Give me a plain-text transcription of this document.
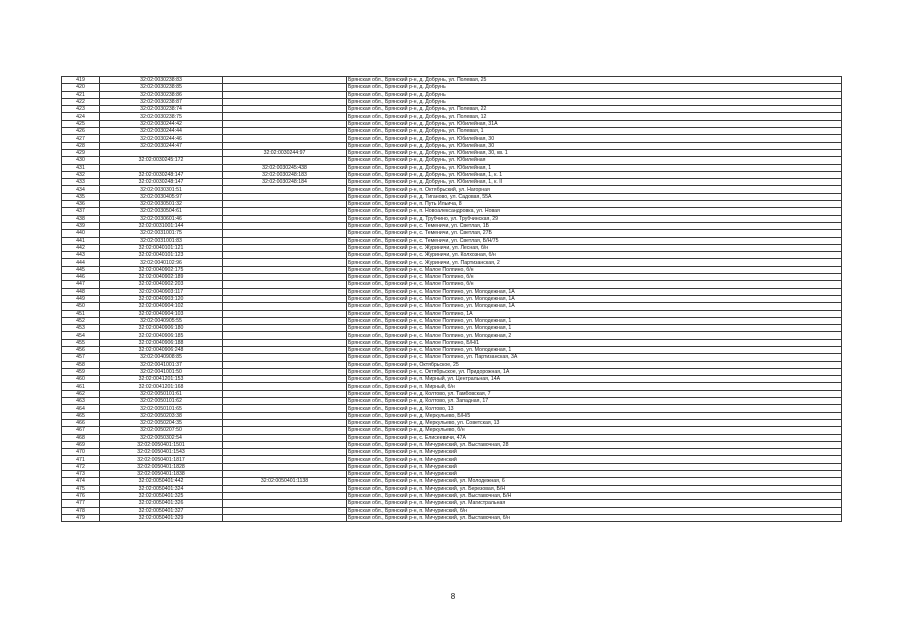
419	32:02:0030238:83		Брянская обл., Брянский р-н, д. Добрунь, ул. Полевая, 25
420	32:02:0030238:85		Брянская обл., Брянский р-н, д. Добрунь
421	32:02:0030238:86		Брянская обл., Брянский р-н, д. Добрунь
422	32:02:0030238:87		Брянская обл., Брянский р-н, д. Добрунь
423	32:02:0030238:74		Брянская обл., Брянский р-н, д. Добрунь, ул. Полевая, 22
424	32:02:0030238:75		Брянская обл., Брянский р-н, д. Добрунь, ул. Полевая, 12
425	32:02:0030244:42		Брянская обл., Брянский р-н, д. Добрунь, ул. Юбилейная, 31А
426	32:02:0030244:44		Брянская обл., Брянский р-н, д. Добрунь, ул. Полевая, 1
427	32:02:0030244:46		Брянская обл., Брянский р-н, д. Добрунь, ул. Юбилейная, 30
428	32:02:0030244:47		Брянская обл., Брянский р-н, д. Добрунь, ул. Юбилейная, 30
429		32:02:0030244:97	Брянская обл., Брянский р-н, д. Добрунь, ул. Юбилейная, 30, кв. 1
430	32:02:0030245:172		Брянская обл., Брянский р-н, д. Добрунь, ул. Юбилейная
431		32:02:0030245:438	Брянская обл., Брянский р-н, д. Добрунь, ул. Юбилейная, 1
432	32:02:0030248:147	32:02:0030248:183	Брянская обл., Брянский р-н, д. Добрунь, ул. Юбилейная, 1, к. 1
433	32:02:0030248:147	32:02:0030248:184	Брянская обл., Брянский р-н, д. Добрунь, ул. Юбилейная, 1, к. II
434	32:02:0030301:51		Брянская обл., Брянский р-н, п. Октябрьский, ул. Нагорная
435	32:02:0030405:97		Брянская обл., Брянский р-н, д. Тиганово, ул. Садовая, 55А
436	32:02:0030501:32		Брянская обл., Брянский р-н, п. Путь Ильича, 8
437	32:02:0030504:61		Брянская обл., Брянский р-н, п. Новоалександровка, ул. Новая
438	32:02:0030601:46		Брянская обл., Брянский р-н, д. Трубчино, ул. Трубчинская, 29
439	32:02:0031001:144		Брянская обл., Брянский р-н, с. Теменичи, ул. Светлая, 1Б
440	32:02:0031001:75		Брянская обл., Брянский р-н, с. Теменичи, ул. Светлая, 27Б
441	32:02:0031001:83		Брянская обл., Брянский р-н, с. Теменичи, ул. Светлая, Б/Н/75
442	32:02:0040101:121		Брянская обл., Брянский р-н, с. Журиничи, ул. Лесная, б/н
443	32:02:0040101:123		Брянская обл., Брянский р-н, с. Журиничи, ул. Колхозная, б/н
444	32:02:0040102:96		Брянская обл., Брянский р-н, с. Журиничи, ул. Партизанская, 2
445	32:02:0040902:175		Брянская обл., Брянский р-н, с. Малое Полпино, б/н
446	32:02:0040902:189		Брянская обл., Брянский р-н, с. Малое Полпино, б/н
447	32:02:0040902:203		Брянская обл., Брянский р-н, с. Малое Полпино, б/н
448	32:02:0040903:117		Брянская обл., Брянский р-н, с. Малое Полпино, ул. Молодежная, 1А
449	32:02:0040903:120		Брянская обл., Брянский р-н, с. Малое Полпино, ул. Молодежная, 1А
450	32:02:0040904:102		Брянская обл., Брянский р-н, с. Малое Полпино, ул. Молодежная, 1А
451	32:02:0040904:103		Брянская обл., Брянский р-н, с. Малое Полпино, 1А
452	32:02:0040905:55		Брянская обл., Брянский р-н, с. Малое Полпино, ул. Молодежная, 1
453	32:02:0040906:180		Брянская обл., Брянский р-н, с. Малое Полпино, ул. Молодежная, 1
454	32:02:0040906:185		Брянская обл., Брянский р-н, с. Малое Полпино, ул. Молодежная, 2
455	32:02:0040906:188		Брянская обл., Брянский р-н, с. Малое Полпино, Б/Н/1
456	32:02:0040906:248		Брянская обл., Брянский р-н, с. Малое Полпино, ул. Молодежная, 1
457	32:02:0040908:85		Брянская обл., Брянский р-н, с. Малое Полпино, ул. Партизанская, 3А
458	32:02:0041001:37		Брянская обл., Брянский р-н, Октябрьское, 25
459	32:02:0041001:50		Брянская обл., Брянский р-н, с. Октябрьское, ул. Придорожная, 1А
460	32:02:0041201:153		Брянская обл., Брянский р-н, п. Мирный, ул. Центральная, 14А
461	32:02:0041201:168		Брянская обл., Брянский р-н, п. Мирный, б/н
462	32:02:0050101:61		Брянская обл., Брянский р-н, д. Колтово, ул. Тамбовская, 7
463	32:02:0050101:62		Брянская обл., Брянский р-н, д. Колтово, ул. Западная, 17
464	32:02:0050101:65		Брянская обл., Брянский р-н, д. Колтово, 13
465	32:02:0050203:38		Брянская обл., Брянский р-н, д. Меркульево, Б/Н/5
466	32:02:0050204:35		Брянская обл., Брянский р-н, д. Меркульево, ул. Советская, 13
467	32:02:0050207:50		Брянская обл., Брянский р-н, д. Меркульево, б/н
468	32:02:0050302:54		Брянская обл., Брянский р-н, с. Елисеевичи, 47А
469	32:02:0050401:1501		Брянская обл., Брянский р-н, п. Мичуринский, ул. Выставочная, 28
470	32:02:0050401:1543		Брянская обл., Брянский р-н, п. Мичуринский
471	32:02:0050401:1817		Брянская обл., Брянский р-н, п. Мичуринский
472	32:02:0050401:1828		Брянская обл., Брянский р-н, п. Мичуринский
473	32:02:0050401:1838		Брянская обл., Брянский р-н, п. Мичуринский
474	32:02:0050401:442	32:02:0050401:1138	Брянская обл., Брянский р-н, п. Мичуринский, ул. Молодежная, 6
475	32:02:0050401:324		Брянская обл., Брянский р-н, п. Мичуринский, ул. Березовая, Б/Н
476	32:02:0050401:325		Брянская обл., Брянский р-н, п. Мичуринский, ул. Выставочная, Б/Н
477	32:02:0050401:326		Брянская обл., Брянский р-н, п. Мичуринский, ул. Магистральная
478	32:02:0050401:327		Брянская обл., Брянский р-н, п. Мичуринский, б/н
479	32:02:0050401:329		Брянская обл., Брянский р-н, п. Мичуринский, ул. Выставочная, б/н
8
